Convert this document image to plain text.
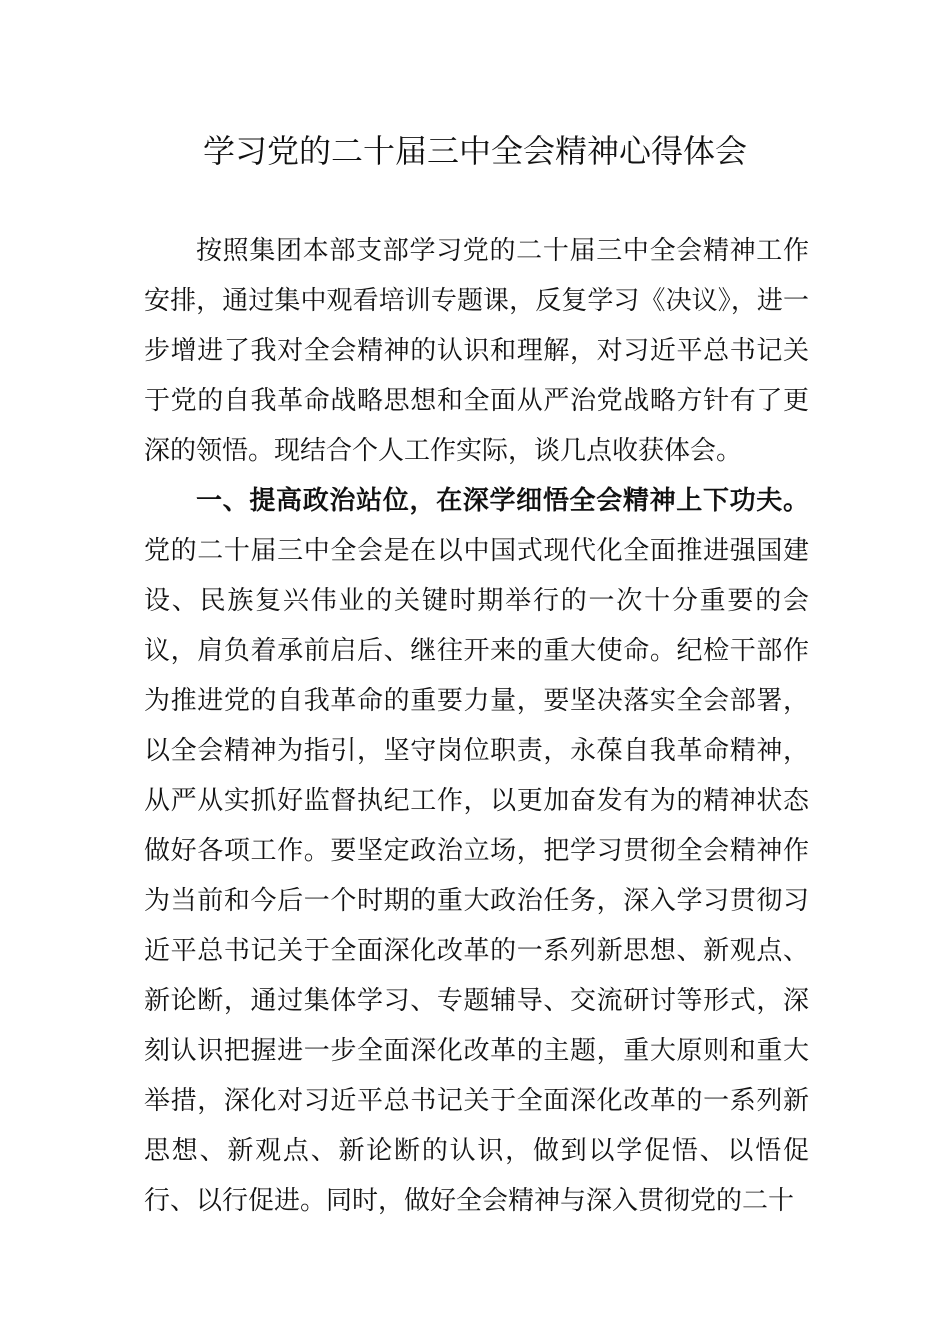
学习党的二十届三中全会精神心得体会

按照集团本部支部学习党的二十届三中全会精神工作安排，通过集中观看培训专题课，反复学习《决议》，进一步增进了我对全会精神的认识和理解，对习近平总书记关于党的自我革命战略思想和全面从严治党战略方针有了更深的领悟。现结合个人工作实际，谈几点收获体会。

一、提高政治站位，在深学细悟全会精神上下功夫。党的二十届三中全会是在以中国式现代化全面推进强国建设、民族复兴伟业的关键时期举行的一次十分重要的会议，肩负着承前启后、继往开来的重大使命。纪检干部作为推进党的自我革命的重要力量，要坚决落实全会部署，以全会精神为指引，坚守岗位职责，永葆自我革命精神，从严从实抓好监督执纪工作，以更加奋发有为的精神状态做好各项工作。要坚定政治立场，把学习贯彻全会精神作为当前和今后一个时期的重大政治任务，深入学习贯彻习近平总书记关于全面深化改革的一系列新思想、新观点、新论断，通过集体学习、专题辅导、交流研讨等形式，深刻认识把握进一步全面深化改革的主题，重大原则和重大举措，深化对习近平总书记关于全面深化改革的一系列新思想、新观点、新论断的认识，做到以学促悟、以悟促行、以行促进。同时，做好全会精神与深入贯彻党的二十
